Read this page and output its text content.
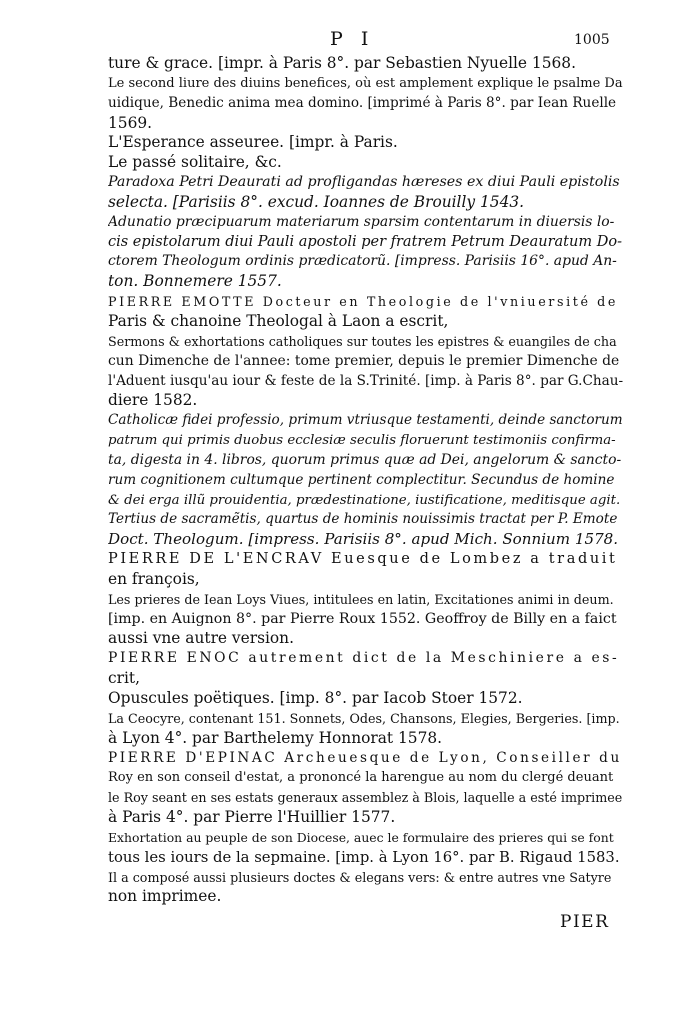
P I	1005
ture & grace. [impr. à Paris 8°. par Sebastien Nyuelle 1568.
Le second liure des diuins benefices, où est amplement explique le psalme Da
uidique, Benedic anima mea domino. [imprimé à Paris 8°. par Iean Ruelle
1569.
L'Esperance asseuree. [impr. à Paris.
Le passé solitaire, &c.
Paradoxa Petri Deaurati ad profligandas hæreses ex diui Pauli epistolis
selecta. [Parisiis 8°. excud. Ioannes de Brouilly 1543.
Adunatio præcipuarum materiarum sparsim contentarum in diuersis lo-
cis epistolarum diui Pauli apostoli per fratrem Petrum Deauratum Do-
ctorem Theologum ordinis prædicatorũ. [impress. Parisiis 16°. apud An-
ton. Bonnemere 1557.
PIERRE EMOTTE Docteur en Theologie de l'vniuersité de
Paris & chanoine Theologal à Laon a escrit,
Sermons & exhortations catholiques sur toutes les epistres & euangiles de cha
cun Dimenche de l'annee: tome premier, depuis le premier Dimenche de
l'Aduent iusqu'au iour & feste de la S.Trinité. [imp. à Paris 8°. par G.Chau-
diere 1582.
Catholicæ fidei professio, primum vtriusque testamenti, deinde sanctorum
patrum qui primis duobus ecclesiæ seculis floruerunt testimoniis confirma-
ta, digesta in 4. libros, quorum primus quæ ad Dei, angelorum & sancto-
rum cognitionem cultumque pertinent complectitur. Secundus de homine
& dei erga illũ prouidentia, prædestinatione, iustificatione, meditisque agit.
Tertius de sacramẽtis, quartus de hominis nouissimis tractat per P. Emote
Doct. Theologum. [impress. Parisiis 8°. apud Mich. Sonnium 1578.
PIERRE DE L'ENCRAV Euesque de Lombez a traduit
en françois,
Les prieres de Iean Loys Viues, intitulees en latin, Excitationes animi in deum.
[imp. en Auignon 8°. par Pierre Roux 1552. Geoffroy de Billy en a faict
aussi vne autre version.
PIERRE ENOC autrement dict de la Meschiniere a es-
crit,
Opuscules poëtiques. [imp. 8°. par Iacob Stoer 1572.
La Ceocyre, contenant 151. Sonnets, Odes, Chansons, Elegies, Bergeries. [imp.
à Lyon 4°. par Barthelemy Honnorat 1578.
PIERRE D'EPINAC Archeuesque de Lyon, Conseiller du
Roy en son conseil d'estat, a prononcé la harengue au nom du clergé deuant
le Roy seant en ses estats generaux assemblez à Blois, laquelle a esté imprimee
à Paris 4°. par Pierre l'Huillier 1577.
Exhortation au peuple de son Diocese, auec le formulaire des prieres qui se font
tous les iours de la sepmaine. [imp. à Lyon 16°. par B. Rigaud 1583.
Il a composé aussi plusieurs doctes & elegans vers: & entre autres vne Satyre
non imprimee.
PIER
